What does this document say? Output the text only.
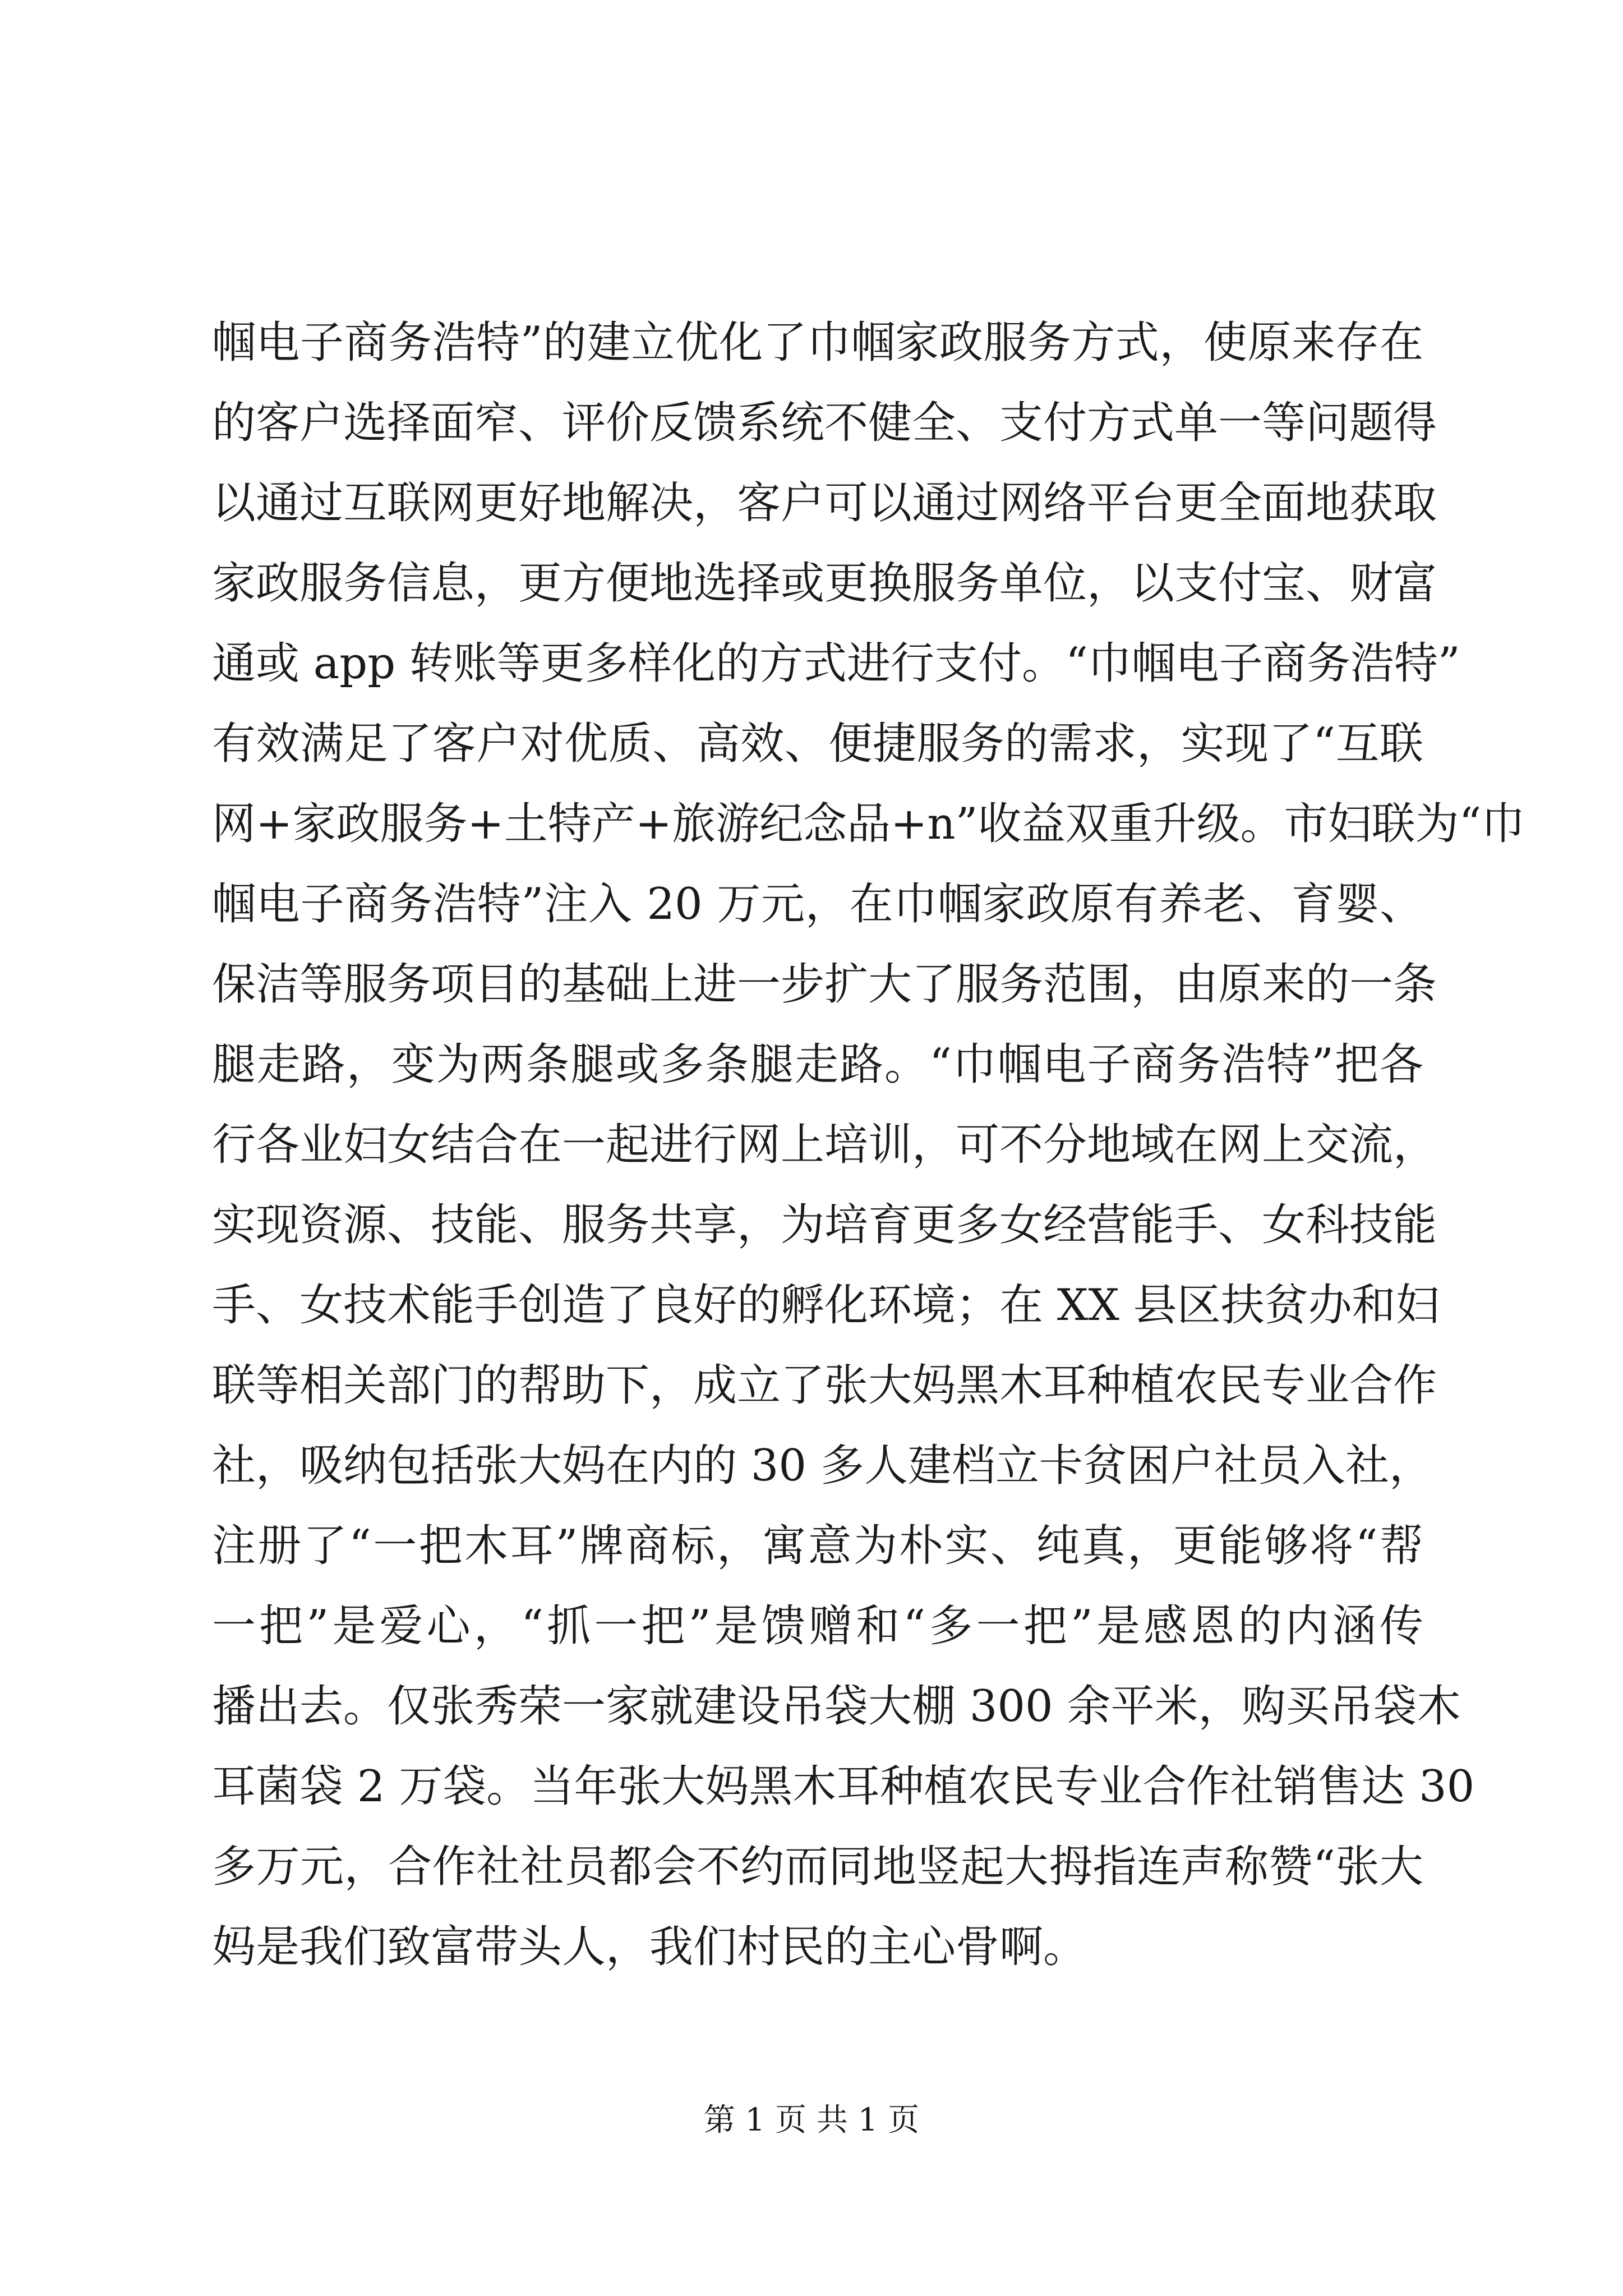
帼电子商务浩特”的建立优化了巾帼家政服务方式，使原来存在
的客户选择面窄、评价反馈系统不健全、支付方式单一等问题得
以通过互联网更好地解决，客户可以通过网络平台更全面地获取
家政服务信息，更方便地选择或更换服务单位，以支付宝、财富
通或 app 转账等更多样化的方式进行支付。“巾帼电子商务浩特”
有效满足了客户对优质、高效、便捷服务的需求，实现了“互联
网+家政服务+土特产+旅游纪念品+n”收益双重升级。市妇联为“巾
帼电子商务浩特”注入 20 万元，在巾帼家政原有养老、育婴、
保洁等服务项目的基础上进一步扩大了服务范围，由原来的一条
腿走路，变为两条腿或多条腿走路。“巾帼电子商务浩特”把各
行各业妇女结合在一起进行网上培训，可不分地域在网上交流，
实现资源、技能、服务共享，为培育更多女经营能手、女科技能
手、女技术能手创造了良好的孵化环境；在 XX 县区扶贫办和妇
联等相关部门的帮助下，成立了张大妈黑木耳种植农民专业合作
社，吸纳包括张大妈在内的 30 多人建档立卡贫困户社员入社，
注册了“一把木耳”牌商标，寓意为朴实、纯真，更能够将“帮
一把”是爱心，“抓一把”是馈赠和“多一把”是感恩的内涵传
播出去。仅张秀荣一家就建设吊袋大棚 300 余平米，购买吊袋木
耳菌袋 2 万袋。当年张大妈黑木耳种植农民专业合作社销售达 30
多万元，合作社社员都会不约而同地竖起大拇指连声称赞“张大
妈是我们致富带头人，我们村民的主心骨啊。
第 1 页 共 1 页
